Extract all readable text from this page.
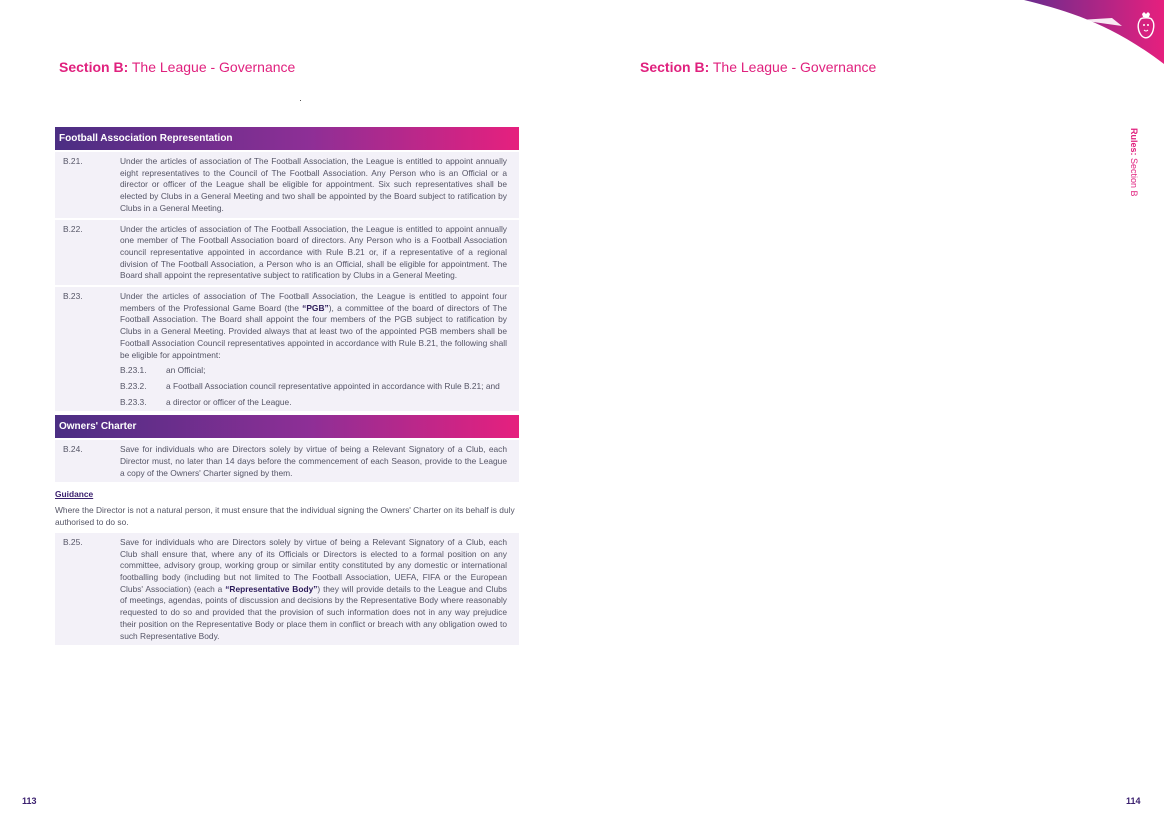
Section B: The League - Governance
Football Association Representation
B.21.	Under the articles of association of The Football Association, the League is entitled to appoint annually eight representatives to the Council of The Football Association. Any Person who is an Official or a director or officer of the League shall be eligible for appointment. Six such representatives shall be elected by Clubs in a General Meeting and two shall be appointed by the Board subject to ratification by Clubs in a General Meeting.
B.22.	Under the articles of association of The Football Association, the League is entitled to appoint annually one member of The Football Association board of directors. Any Person who is a Football Association council representative appointed in accordance with Rule B.21 or, if a representative of a regional division of The Football Association, a Person who is an Official, shall be eligible for appointment. The Board shall appoint the representative subject to ratification by Clubs in a General Meeting.
B.23.	Under the articles of association of The Football Association, the League is entitled to appoint four members of the Professional Game Board (the “PGB”), a committee of the board of directors of The Football Association. The Board shall appoint the four members of the PGB subject to ratification by Clubs in a General Meeting. Provided always that at least two of the appointed PGB members shall be Football Association Council representatives appointed in accordance with Rule B.21, the following shall be eligible for appointment:
B.23.1.	an Official;
B.23.2.	a Football Association council representative appointed in accordance with Rule B.21; and
B.23.3.	a director or officer of the League.
Owners' Charter
B.24.	Save for individuals who are Directors solely by virtue of being a Relevant Signatory of a Club, each Director must, no later than 14 days before the commencement of each Season, provide to the League a copy of the Owners' Charter signed by them.
Guidance
Where the Director is not a natural person, it must ensure that the individual signing the Owners' Charter on its behalf is duly authorised to do so.
B.25.	Save for individuals who are Directors solely by virtue of being a Relevant Signatory of a Club, each Club shall ensure that, where any of its Officials or Directors is elected to a formal position on any committee, advisory group, working group or similar entity constituted by any domestic or international footballing body (including but not limited to The Football Association, UEFA, FIFA or the European Clubs' Association) (each a “Representative Body”) they will provide details to the League and Clubs of meetings, agendas, points of discussion and decisions by the Representative Body where reasonably requested to do so and provided that the provision of such information does not in any way prejudice their position on the Representative Body or place them in conflict or breach with any obligation owed to such Representative Body.
113
Section B: The League - Governance
Rules: Section B
114
